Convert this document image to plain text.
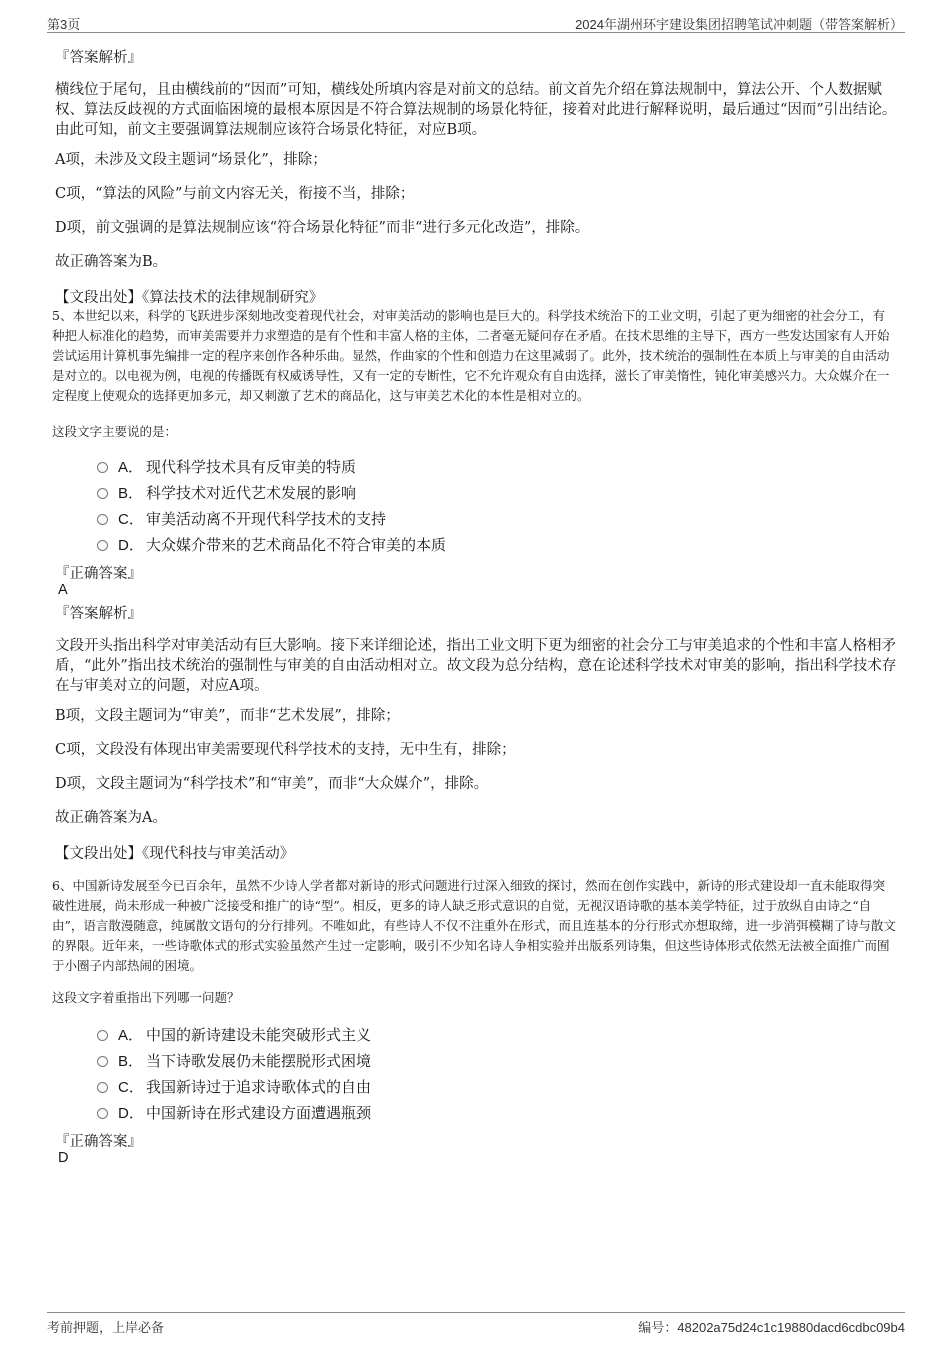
第3页	2024年湖州环宇建设集团招聘笔试冲刺题（带答案解析）
『答案解析』
横线位于尾句，且由横线前的“因而”可知，横线处所填内容是对前文的总结。前文首先介绍在算法规制中，算法公开、个人数据赋权、算法反歧视的方式面临困境的最根本原因是不符合算法规制的场景化特征，接着对此进行解释说明，最后通过“因而”引出结论。由此可知，前文主要强调算法规制应该符合场景化特征，对应B项。
A项，未涉及文段主题词“场景化”，排除；
C项，“算法的风险”与前文内容无关，衔接不当，排除；
D项，前文强调的是算法规制应该“符合场景化特征”而非“进行多元化改造”，排除。
故正确答案为B。
【文段出处】《算法技术的法律规制研究》
5、本世纪以来，科学的飞跃进步深刻地改变着现代社会，对审美活动的影响也是巨大的。科学技术统治下的工业文明，引起了更为细密的社会分工，有种把人标准化的趋势，而审美需要并力求塑造的是有个性和丰富人格的主体，二者毫无疑问存在矛盾。在技术思维的主导下，西方一些发达国家有人开始尝试运用计算机事先编排一定的程序来创作各种乐曲。显然，作曲家的个性和创造力在这里减弱了。此外，技术统治的强制性在本质上与审美的自由活动是对立的。以电视为例，电视的传播既有权威诱导性，又有一定的专断性，它不允许观众有自由选择，滋长了审美惰性，钝化审美感兴力。大众媒介在一定程度上使观众的选择更加多元，却又刺激了艺术的商品化，这与审美艺术化的本性是相对立的。
这段文字主要说的是：
A． 现代科学技术具有反审美的特质
B． 科学技术对近代艺术发展的影响
C． 审美活动离不开现代科学技术的支持
D． 大众媒介带来的艺术商品化不符合审美的本质
『正确答案』
A
『答案解析』
文段开头指出科学对审美活动有巨大影响。接下来详细论述，指出工业文明下更为细密的社会分工与审美追求的个性和丰富人格相矛盾，“此外”指出技术统治的强制性与审美的自由活动相对立。故文段为总分结构，意在论述科学技术对审美的影响，指出科学技术存在与审美对立的问题，对应A项。
B项，文段主题词为“审美”，而非“艺术发展”，排除；
C项，文段没有体现出审美需要现代科学技术的支持，无中生有，排除；
D项，文段主题词为“科学技术”和“审美”，而非“大众媒介”，排除。
故正确答案为A。
【文段出处】《现代科技与审美活动》
6、中国新诗发展至今已百余年，虽然不少诗人学者都对新诗的形式问题进行过深入细致的探讨，然而在创作实践中，新诗的形式建设却一直未能取得突破性进展，尚未形成一种被广泛接受和推广的诗“型”。相反，更多的诗人缺乏形式意识的自觉，无视汉语诗歌的基本美学特征，过于放纵自由诗之“自由”，语言散漫随意，纯属散文语句的分行排列。不唯如此，有些诗人不仅不注重外在形式，而且连基本的分行形式亦想取缔，进一步消弭模糊了诗与散文的界限。近年来，一些诗歌体式的形式实验虽然产生过一定影响，吸引不少知名诗人争相实验并出版系列诗集，但这些诗体形式依然无法被全面推广而囿于小圈子内部热闹的困境。
这段文字着重指出下列哪一问题？
A． 中国的新诗建设未能突破形式主义
B． 当下诗歌发展仍未能摆脱形式困境
C． 我国新诗过于追求诗歌体式的自由
D． 中国新诗在形式建设方面遭遇瓶颈
『正确答案』
D
考前押题，上岸必备	编号：48202a75d24c1c19880dacd6cdbc09b4
